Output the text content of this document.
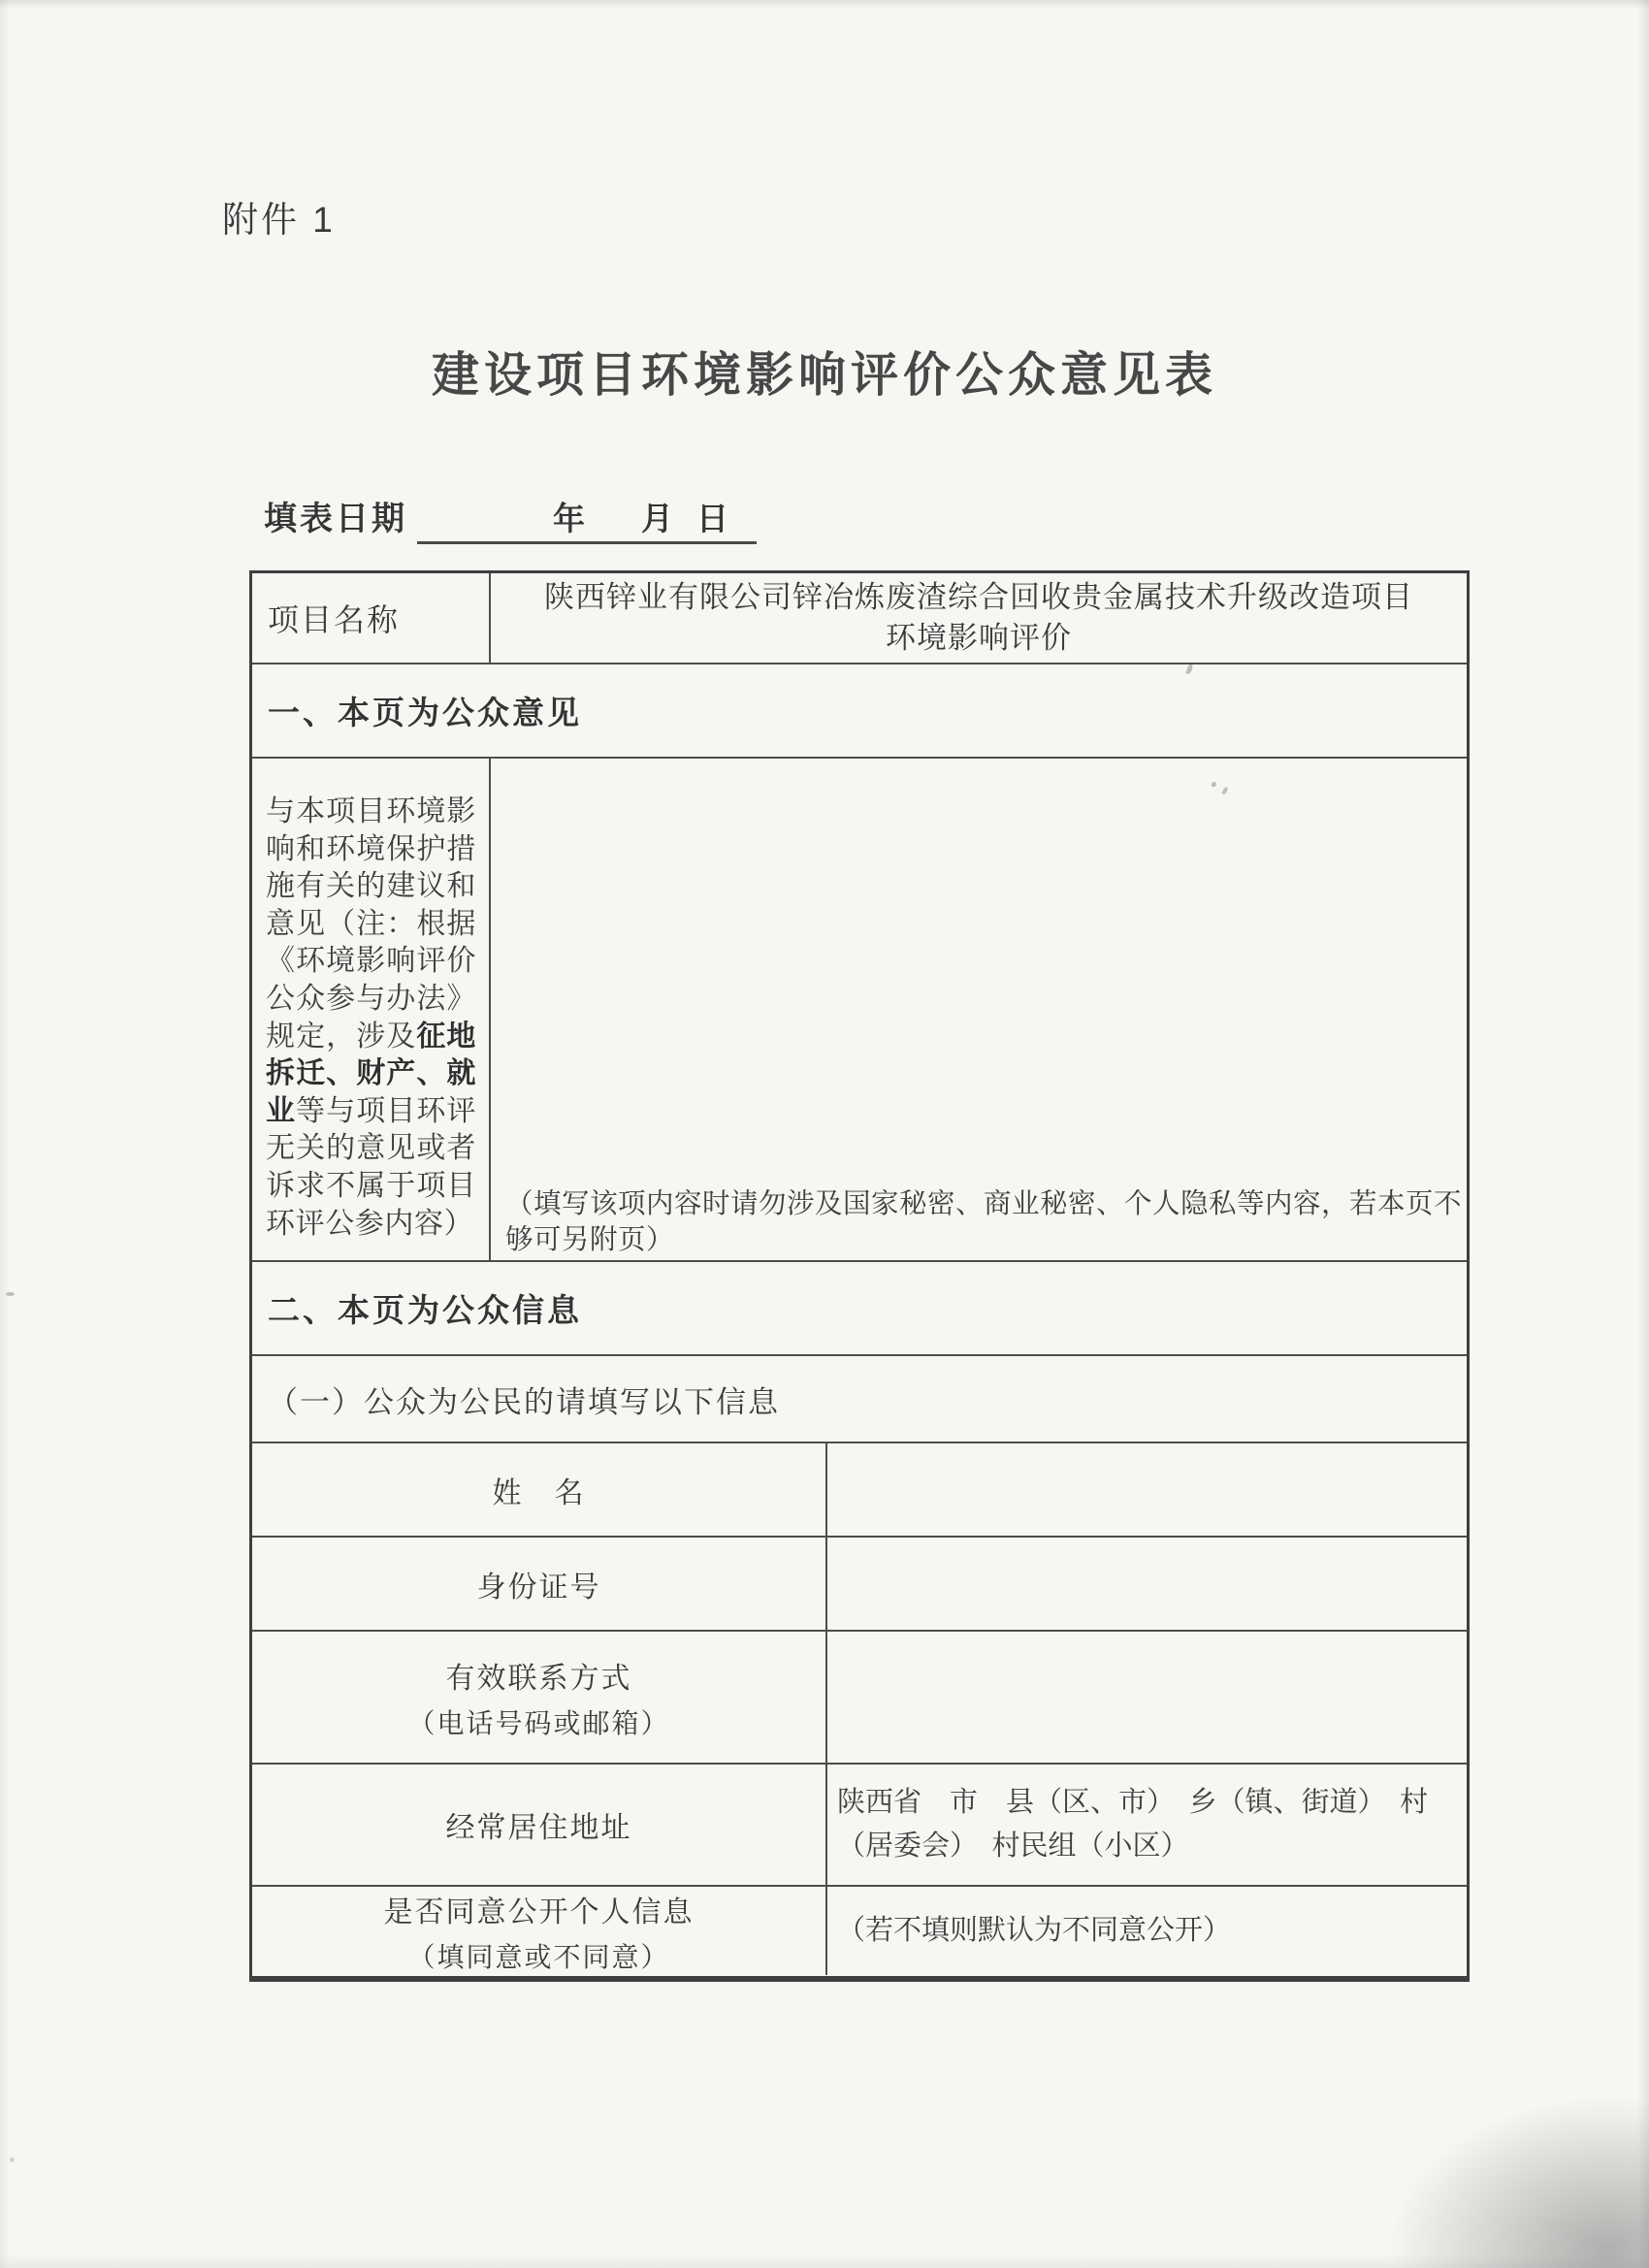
附件 1
建设项目环境影响评价公众意见表
填表日期	年 月 日
项目名称
陕西锌业有限公司锌冶炼废渣综合回收贵金属技术升级改造项目
环境影响评价
一、本页为公众意见
与本项目环境影响和环境保护措施有关的建议和意见（注：根据《环境影响评价公众参与办法》规定，涉及征地拆迁、财产、就业等与项目环评无关的意见或者诉求不属于项目环评公参内容）
（填写该项内容时请勿涉及国家秘密、商业秘密、个人隐私等内容，若本页不
够可另附页）
二、本页为公众信息
（一）公众为公民的请填写以下信息
姓　名
身份证号
有效联系方式
（电话号码或邮箱）
经常居住地址
陕西省　市　县（区、市）　乡（镇、街道）　村
（居委会）　村民组（小区）
是否同意公开个人信息
（填同意或不同意）
（若不填则默认为不同意公开）
